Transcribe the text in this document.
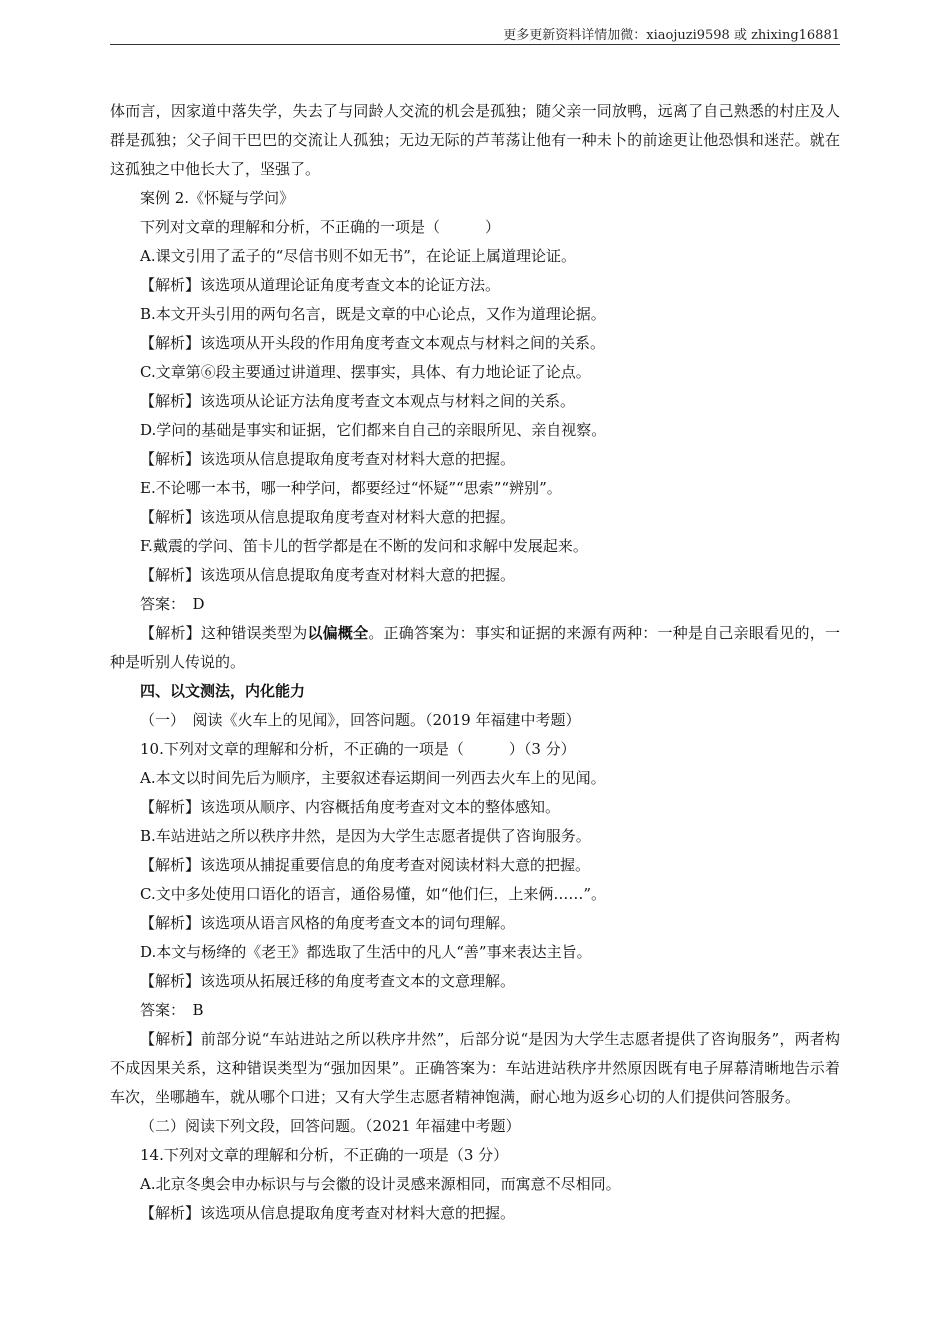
更多更新资料详情加微：xiaojuzi9598 或 zhixing16881
体而言，因家道中落失学，失去了与同龄人交流的机会是孤独；随父亲一同放鸭，远离了自己熟悉的村庄及人群是孤独；父子间干巴巴的交流让人孤独；无边无际的芦苇荡让他有一种未卜的前途更让他恐惧和迷茫。就在这孤独之中他长大了，坚强了。
案例 2.《怀疑与学问》
下列对文章的理解和分析，不正确的一项是（　　　）
A.课文引用了孟子的“尽信书则不如无书”，在论证上属道理论证。
【解析】该选项从道理论证角度考查文本的论证方法。
B.本文开头引用的两句名言，既是文章的中心论点，又作为道理论据。
【解析】该选项从开头段的作用角度考查文本观点与材料之间的关系。
C.文章第⑥段主要通过讲道理、摆事实，具体、有力地论证了论点。
【解析】该选项从论证方法角度考查文本观点与材料之间的关系。
D.学问的基础是事实和证据，它们都来自自己的亲眼所见、亲自视察。
【解析】该选项从信息提取角度考查对材料大意的把握。
E.不论哪一本书，哪一种学问，都要经过“怀疑”“思索”“辨别”。
【解析】该选项从信息提取角度考查对材料大意的把握。
F.戴震的学问、笛卡儿的哲学都是在不断的发问和求解中发展起来。
【解析】该选项从信息提取角度考查对材料大意的把握。
答案：　D
【解析】这种错误类型为以偏概全。正确答案为：事实和证据的来源有两种：一种是自己亲眼看见的，一种是听别人传说的。
四、以文测法，内化能力
（一）　阅读《火车上的见闻》，回答问题。（2019 年福建中考题）
10.下列对文章的理解和分析，不正确的一项是（　　　）（3 分）
A.本文以时间先后为顺序，主要叙述春运期间一列西去火车上的见闻。
【解析】该选项从顺序、内容概括角度考查对文本的整体感知。
B.车站进站之所以秩序井然，是因为大学生志愿者提供了咨询服务。
【解析】该选项从捕捉重要信息的角度考查对阅读材料大意的把握。
C.文中多处使用口语化的语言，通俗易懂，如“他们仨，上来俩……”。
【解析】该选项从语言风格的角度考查文本的词句理解。
D.本文与杨绛的《老王》都选取了生活中的凡人“善”事来表达主旨。
【解析】该选项从拓展迁移的角度考查文本的文意理解。
答案：　B
【解析】前部分说“车站进站之所以秩序井然”，后部分说“是因为大学生志愿者提供了咨询服务”，两者构不成因果关系，这种错误类型为“强加因果”。正确答案为：车站进站秩序井然原因既有电子屏幕清晰地告示着车次，坐哪趟车，就从哪个口进；又有大学生志愿者精神饱满，耐心地为返乡心切的人们提供问答服务。
（二）阅读下列文段，回答问题。（2021 年福建中考题）
14.下列对文章的理解和分析，不正确的一项是（3 分）
A.北京冬奥会申办标识与与会徽的设计灵感来源相同，而寓意不尽相同。
【解析】该选项从信息提取角度考查对材料大意的把握。
